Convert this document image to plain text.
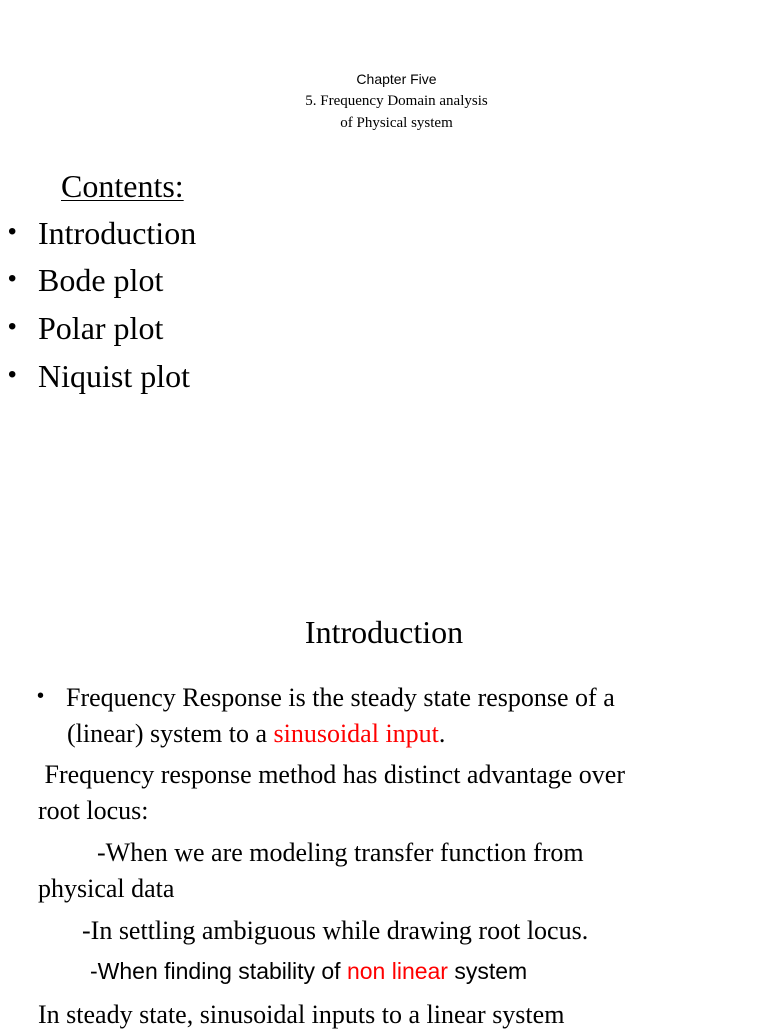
Chapter Five
5. Frequency Domain analysis
of Physical system
Contents:
• Introduction
• Bode plot
• Polar plot
• Niquist plot
Introduction
• Frequency Response is the steady state response of a
(linear) system to a sinusoidal input.
Frequency response method has distinct advantage over
root locus:
-When we are modeling transfer function from
physical data
-In settling ambiguous while drawing root locus.
-When finding stability of non linear system
In steady state, sinusoidal inputs to a linear system
